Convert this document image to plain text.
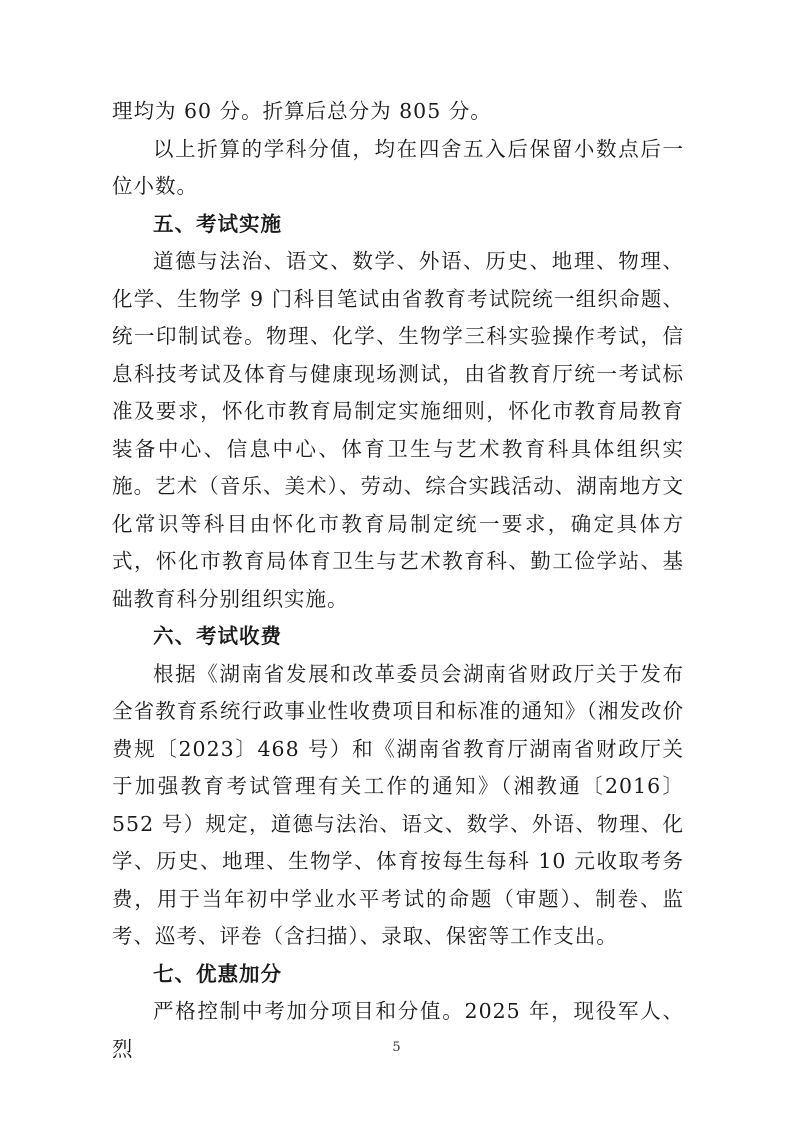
理均为 60 分。折算后总分为 805 分。

以上折算的学科分值，均在四舍五入后保留小数点后一位小数。

五、考试实施

道德与法治、语文、数学、外语、历史、地理、物理、化学、生物学 9 门科目笔试由省教育考试院统一组织命题、统一印制试卷。物理、化学、生物学三科实验操作考试，信息科技考试及体育与健康现场测试，由省教育厅统一考试标准及要求，怀化市教育局制定实施细则，怀化市教育局教育装备中心、信息中心、体育卫生与艺术教育科具体组织实施。艺术（音乐、美术）、劳动、综合实践活动、湖南地方文化常识等科目由怀化市教育局制定统一要求，确定具体方式，怀化市教育局体育卫生与艺术教育科、勤工俭学站、基础教育科分别组织实施。

六、考试收费

根据《湖南省发展和改革委员会湖南省财政厅关于发布全省教育系统行政事业性收费项目和标准的通知》（湘发改价费规〔2023〕468 号）和《湖南省教育厅湖南省财政厅关于加强教育考试管理有关工作的通知》（湘教通〔2016〕552 号）规定，道德与法治、语文、数学、外语、物理、化学、历史、地理、生物学、体育按每生每科 10 元收取考务费，用于当年初中学业水平考试的命题（审题）、制卷、监考、巡考、评卷（含扫描）、录取、保密等工作支出。

七、优惠加分

严格控制中考加分项目和分值。2025 年，现役军人、烈	5
